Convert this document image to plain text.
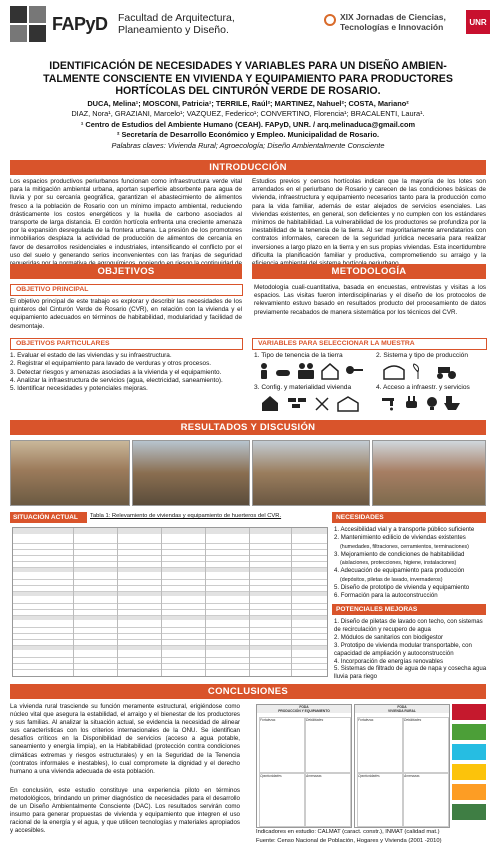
FAPyD Facultad de Arquitectura,
Planeamiento y Diseño.
XIX Jornadas de Ciencias,
Tecnologías e Innovación	UNR
IDENTIFICACIÓN DE NECESIDADES Y VARIABLES PARA UN DISEÑO AMBIEN-
TALMENTE CONSCIENTE EN VIVIENDA Y EQUIPAMIENTO PARA PRODUCTORES
HORTÍCOLAS DEL CINTURÓN VERDE DE ROSARIO.
DUCA, Melina¹; MOSCONI, Patricia¹; TERRILE, Raúl²; MARTINEZ, Nahuel²; COSTA, Mariano²
DIAZ, Nora¹, GRAZIANI, Marcelo¹; VAZQUEZ, Federico¹; CONVERTINO, Florencia¹; BRACALENTI, Laura¹.
¹ Centro de Estudios del Ambiente Humano (CEAH). FAPyD, UNR. / arq.melinaduca@gmail.com
² Secretaría de Desarrollo Económico y Empleo. Municipalidad de Rosario.
Palabras claves: Vivienda Rural; Agroecología; Diseño Ambientalmente Consciente
INTRODUCCIÓN
Los espacios productivos periurbanos funcionan como infraestructura verde vital para la mitigación ambiental urbana, aportan superficie absorbente para agua de lluvia y por su cercanía geográfica, garantizan el abastecimiento de alimentos fresco a la población de Rosario con un mínimo impacto ambiental, reduciendo drásticamente los costos energéticos y la huella de carbono asociados al transporte de larga distancia. El cordón hortícola enfrenta una creciente amenaza por la expansión desregulada de la frontera urbana. La presión de los promotores inmobiliarios desplaza la actividad de producción de alimentos de cercanía en favor de desarrollos residenciales e industriales, intensificando el conflicto por el uso del suelo y generando serios inconvenientes con las franjas de seguridad
Estudios previos y censos hortícolas indican que la mayoría de los lotes son arrendados en el periurbano de Rosario y carecen de las condiciones básicas de vivienda, infraestructura y equipamiento necesarios tanto para la producción como para la vida familiar, además de estar alejados de servicios esenciales. Las viviendas existentes, en general, son deficientes y no cumplen con los estándares mínimos de habitabilidad. La vulnerabilidad de los productores se profundiza por la inestabilidad de la tenencia de la tierra. Al ser mayoritariamente arrendatarios con contratos informales, carecen de la seguridad jurídica necesaria para realizar inversiones a largo plazo en la tierra y en sus propias viviendas. Esta incertidumbre dificulta la planificación familiar y productiva, comprometiendo su arraigo y la
OBJETIVOS
OBJETIVO PRINCIPAL
El objetivo principal de este trabajo es explorar y describir las necesidades de los quinteros del Cinturón Verde de Rosario (CVR), en relación con la vivienda y el equipamiento adecuados en términos de habitabilidad, modularidad y facilidad de desmontaje.
OBJETIVOS PARTICULARES
1. Evaluar el estado de las viviendas y su infraestructura.
2. Registrar el equipamiento para lavado de verduras y otros procesos.
3. Detectar riesgos y amenazas asociadas a la vivienda y el equipamiento.
4. Analizar la infraestructura de servicios (agua, electricidad, saneamiento).
5. Identificar necesidades y potenciales mejoras.
METODOLOGÍA
Metodología cuali-cuantitativa, basada en encuestas, entrevistas y visitas a los espacios. Las visitas fueron interdisciplinarias y el diseño de los protocolos de relevamiento estuvo basado en resultados producto del procesamiento de datos previamente recabados de manera sistemática por los técnicos del CVR.
VARIABLES PARA SELECCIONAR LA MUESTRA
1. Tipo de tenencia de la tierra	2. Sistema y tipo de producción
3. Config. y materialidad vivienda	4. Acceso a infraestr. y servicios
RESULTADOS Y DISCUSIÓN
SITUACIÓN ACTUAL	Tabla 1: Relevamiento de viviendas y equipamiento de huerteros del CVR.	NECESIDADES
1. Accesibilidad vial y a transporte público suficiente
2. Mantenimiento edilicio de viviendas existentes
(humedades, filtraciones, cerramientos, terminaciones)
3. Mejoramiento de condiciones de habitabilidad
(aislaciones, protecciones, higiene, instalaciones)
4. Adecuación de equipamiento para producción
(depósitos, piletas de lavado, invernaderos)
5. Diseño de prototipo de vivienda y equipamiento
6. Formación para la autoconstrucción
POTENCIALES MEJORAS
1. Diseño de piletas de lavado con techo, con sistemas de recirculación y recupero de agua
2. Módulos de sanitarios con biodigestor
3. Prototipo de vivienda modular transportable, con capacidad de ampliación y autoconstrucción
4. Incorporación de energías renovables
5. Sistemas de filtrado de agua de napa y cosecha agua lluvia para riego
CONCLUSIONES
La vivienda rural trasciende su función meramente estructural, erigiéndose como núcleo vital que asegura la estabilidad, el arraigo y el bienestar de los productores y sus familias. Al analizar la situación actual, se evidencia la necesidad de alinear sus características con los criterios internacionales de la ONU. Se identifican desafíos críticos en la Disponibilidad de servicios (acceso a agua potable, saneamiento y energía limpia), en la Habitabilidad (protección contra condiciones climáticas extremas y riesgos estructurales) y en la Seguridad de la Tenencia (contratos informales e inestables), lo cual compromete la dignidad y el derecho humano a una vivienda adecuada de esta población.
En conclusión, este estudio constituye una experiencia piloto en términos metodológicos, brindando un primer diagnóstico de necesidades para el desarrollo de un Diseño Ambientalmente Consciente (DAC). Los resultados servirán como insumo para generar propuestas de vivienda y equipamiento que integren el uso racional de la energía y el agua, y que utilicen tecnologías y materiales apropiados y accesibles.
FODA
PRODUCCIÓN Y EQUIPAMIENTO
Fortalezas	Debilidades
Oportunidades	Amenazas
FODA
VIVIENDA RURAL
Fortalezas	Debilidades
Oportunidades	Amenazas
Indicadores en estudio: CALMAT (caract. constr.), INMAT (calidad mat.)
Fuente: Censo Nacional de Población, Hogares y Vivienda (2001 -2010)
